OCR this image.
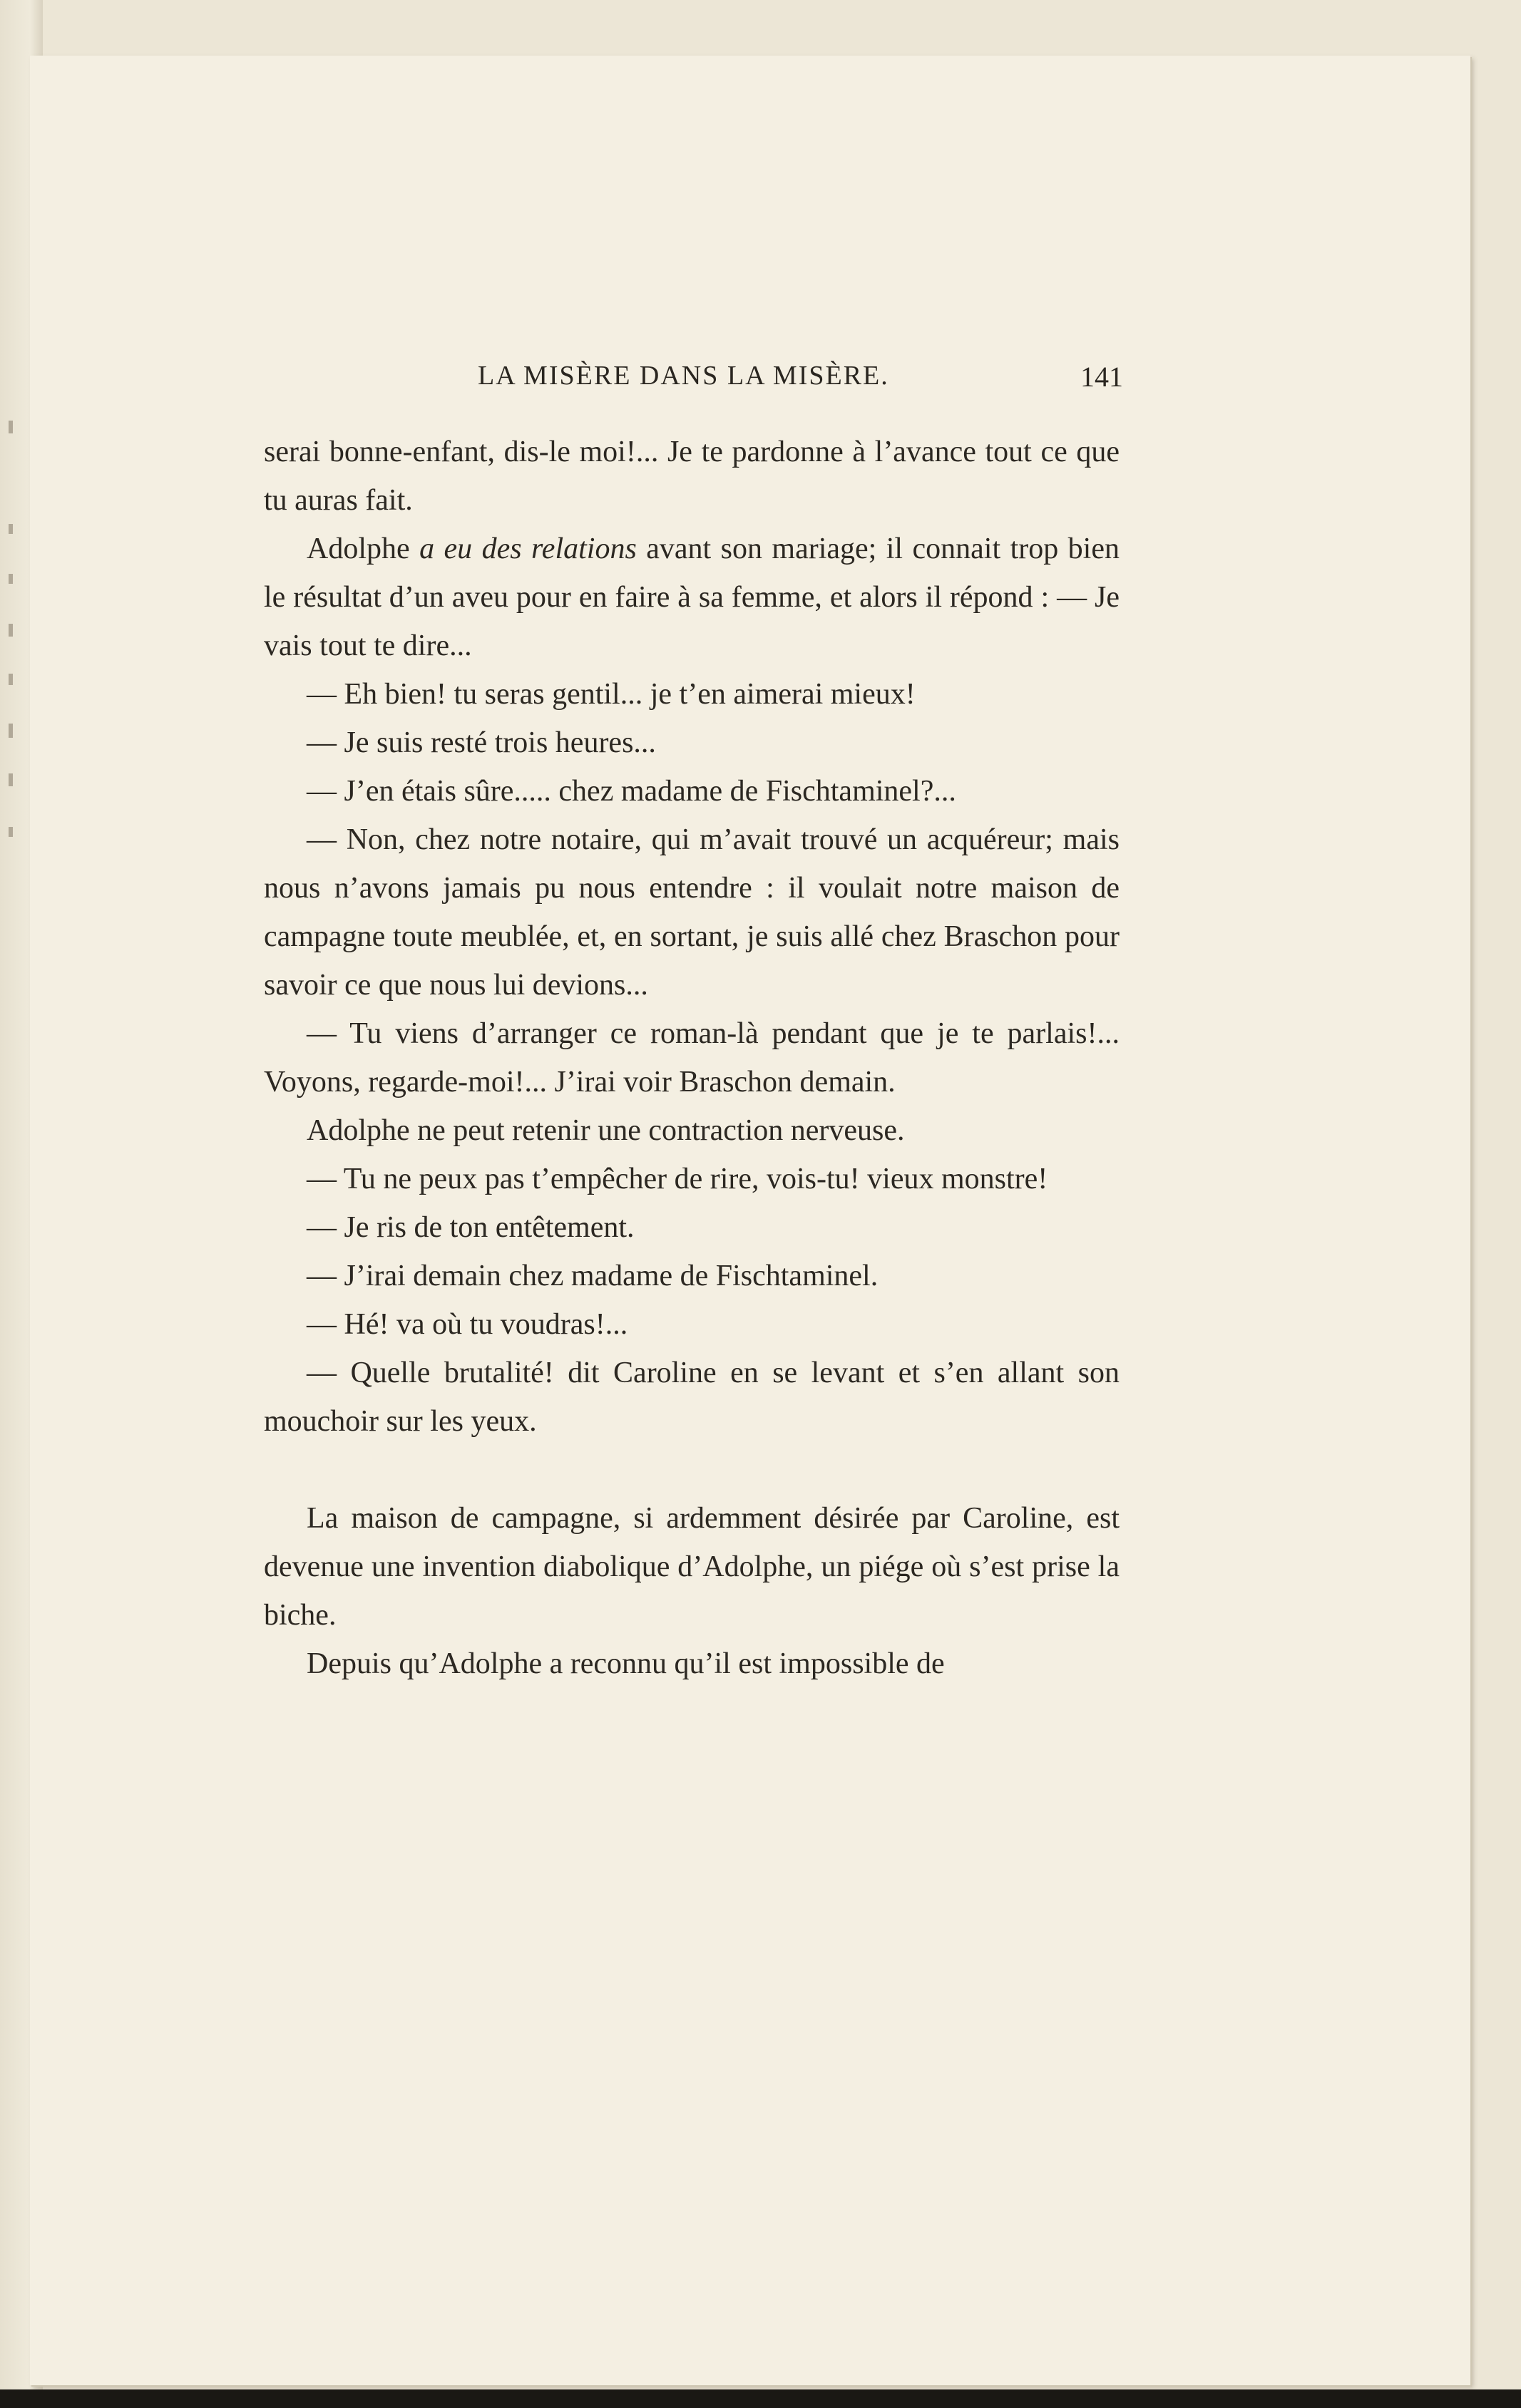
LA MISÈRE DANS LA MISÈRE.	141

serai bonne-enfant, dis-le moi!... Je te pardonne à l’avance tout ce que tu auras fait.

Adolphe a eu des relations avant son mariage; il connait trop bien le résultat d’un aveu pour en faire à sa femme, et alors il répond : — Je vais tout te dire...

— Eh bien! tu seras gentil... je t’en aimerai mieux!

— Je suis resté trois heures...

— J’en étais sûre..... chez madame de Fischtaminel?...

— Non, chez notre notaire, qui m’avait trouvé un acquéreur; mais nous n’avons jamais pu nous entendre : il voulait notre maison de campagne toute meublée, et, en sortant, je suis allé chez Braschon pour savoir ce que nous lui devions...

— Tu viens d’arranger ce roman-là pendant que je te parlais!... Voyons, regarde-moi!... J’irai voir Braschon demain.

Adolphe ne peut retenir une contraction nerveuse.

— Tu ne peux pas t’empêcher de rire, vois-tu! vieux monstre!

— Je ris de ton entêtement.

— J’irai demain chez madame de Fischtaminel.

— Hé! va où tu voudras!...

— Quelle brutalité! dit Caroline en se levant et s’en allant son mouchoir sur les yeux.

La maison de campagne, si ardemment désirée par Caroline, est devenue une invention diabolique d’Adolphe, un piége où s’est prise la biche.

Depuis qu’Adolphe a reconnu qu’il est impossible de
